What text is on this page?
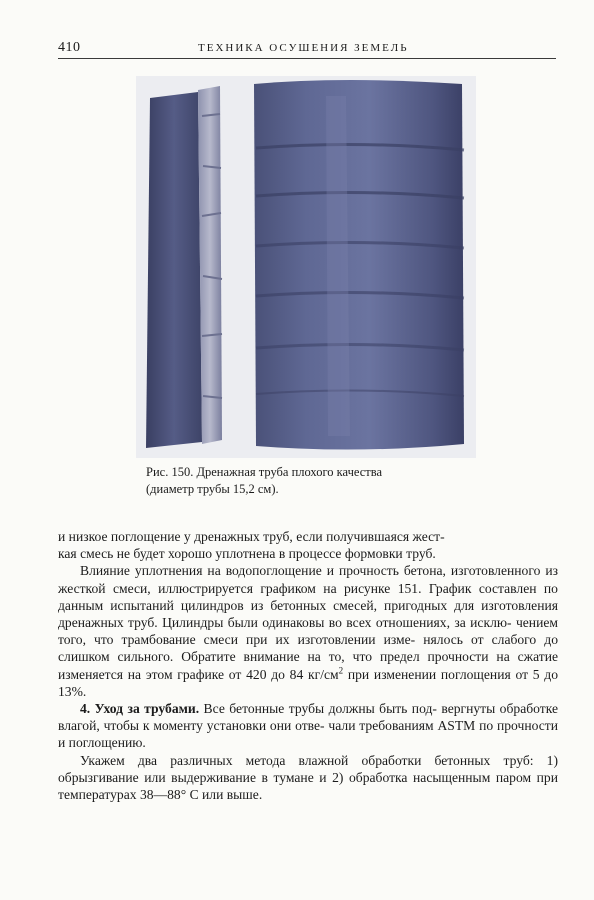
410	ТЕХНИКА ОСУШЕНИЯ ЗЕМЕЛЬ
Рис. 150. Дренажная труба плохого качества
(диаметр трубы 15,2 см).

и низкое поглощение у дренажных труб, если получившаяся жест-
кая смесь не будет хорошо уплотнена в процессе формовки труб.

Влияние уплотнения на водопоглощение и прочность бетона, изготовленного из жесткой смеси, иллюстрируется графиком на рисунке 151. График составлен по данным испытаний цилиндров из бетонных смесей, пригодных для изготовления дренажных труб. Цилиндры были одинаковы во всех отношениях, за исклю- чением того, что трамбование смеси при их изготовлении изме- нялось от слабого до слишком сильного. Обратите внимание на то, что предел прочности на сжатие изменяется на этом графике от 420 до 84 $кг/см^2$ при изменении поглощения от 5 до 13%.

4. Уход за трубами. Все бетонные трубы должны быть под- вергнуты обработке влагой, чтобы к моменту установки они отве- чали требованиям ASTM по прочности и поглощению.

Укажем два различных метода влажной обработки бетонных труб: 1) обрызгивание или выдерживание в тумане и 2) обработка насыщенным паром при температурах 38—88° С или выше.
